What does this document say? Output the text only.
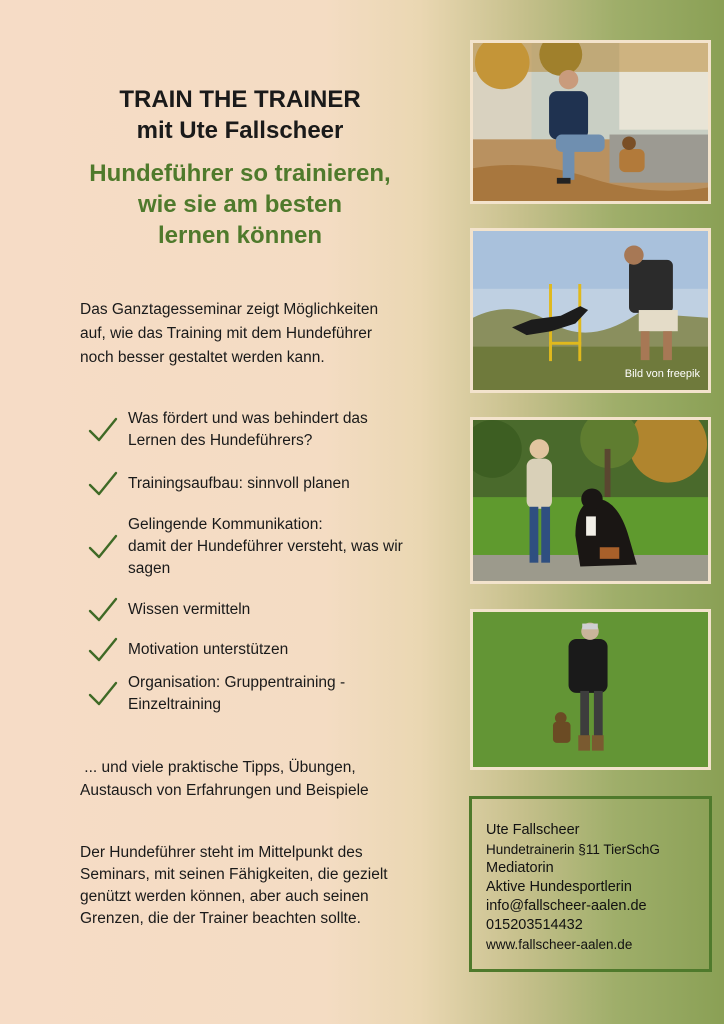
TRAIN THE TRAINER
mit Ute Fallscheer
Hundeführer so trainieren,
wie sie am besten
lernen können
Das Ganztagesseminar zeigt Möglichkeiten
auf, wie das Training mit dem Hundeführer
noch besser gestaltet werden kann.
Was fördert und was behindert das
Lernen des Hundeführers?
Trainingsaufbau: sinnvoll planen
Gelingende Kommunikation:
damit der Hundeführer versteht, was wir
sagen
Wissen vermitteln
Motivation unterstützen
Organisation: Gruppentraining -
Einzeltraining
... und viele praktische Tipps, Übungen,
Austausch von Erfahrungen und Beispiele
Der Hundeführer steht im Mittelpunkt des
Seminars, mit seinen Fähigkeiten, die gezielt
genützt werden können, aber auch seinen
Grenzen, die der Trainer beachten sollte.
Bild von freepik
Ute Fallscheer
Hundetrainerin §11 TierSchG
Mediatorin
Aktive Hundesportlerin
info@fallscheer-aalen.de
015203514432
www.fallscheer-aalen.de
